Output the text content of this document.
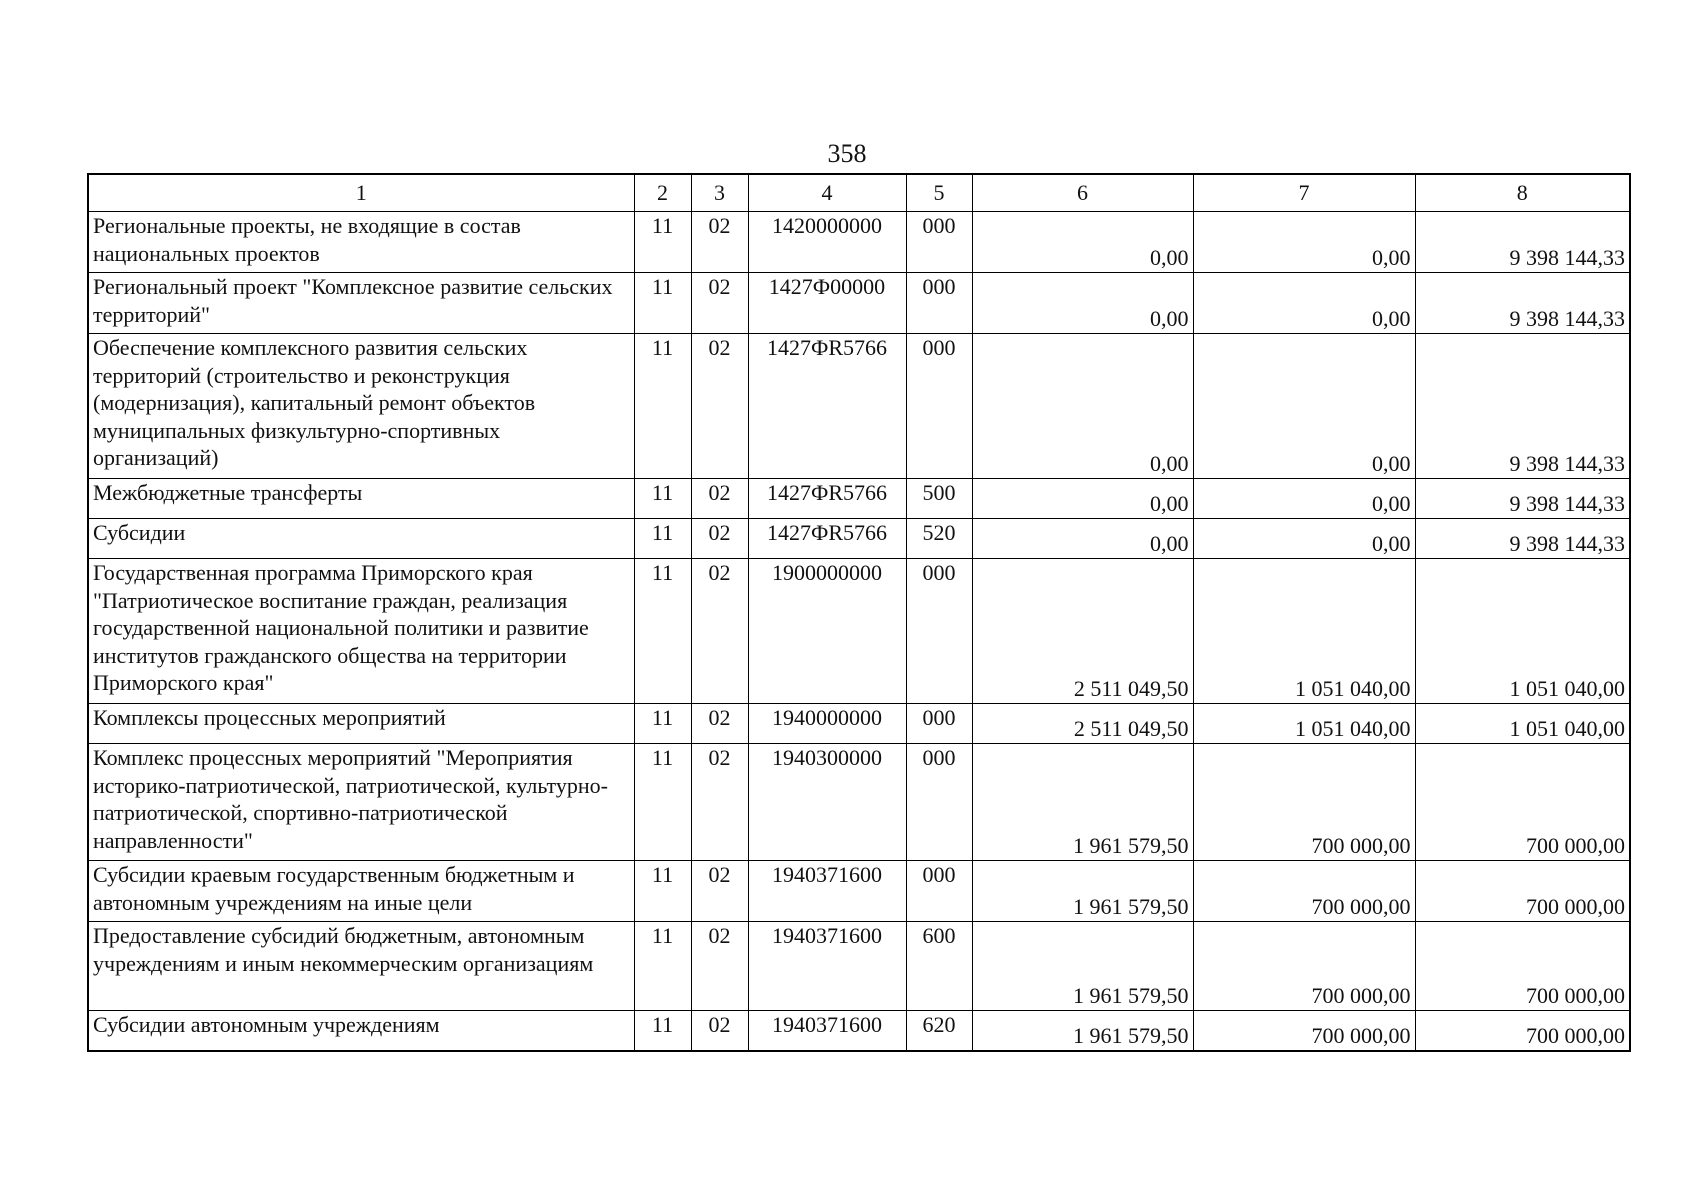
358
1	2	3	4	5	6	7	8
Региональные проекты, не входящие в состав национальных проектов	11	02	1420000000	000	0,00	0,00	9 398 144,33
Региональный проект "Комплексное развитие сельских территорий"	11	02	1427Ф00000	000	0,00	0,00	9 398 144,33
Обеспечение комплексного развития сельских территорий (строительство и реконструкция (модернизация), капитальный ремонт объектов муниципальных физкультурно-спортивных организаций)	11	02	1427ФR5766	000	0,00	0,00	9 398 144,33
Межбюджетные трансферты	11	02	1427ФR5766	500	0,00	0,00	9 398 144,33
Субсидии	11	02	1427ФR5766	520	0,00	0,00	9 398 144,33
Государственная программа Приморского края "Патриотическое воспитание граждан, реализация государственной национальной политики и развитие институтов гражданского общества на территории Приморского края"	11	02	1900000000	000	2 511 049,50	1 051 040,00	1 051 040,00
Комплексы процессных мероприятий	11	02	1940000000	000	2 511 049,50	1 051 040,00	1 051 040,00
Комплекс процессных мероприятий "Мероприятия историко-патриотической, патриотической, культурно-патриотической, спортивно-патриотической направленности"	11	02	1940300000	000	1 961 579,50	700 000,00	700 000,00
Субсидии краевым государственным бюджетным и автономным учреждениям на иные цели	11	02	1940371600	000	1 961 579,50	700 000,00	700 000,00
Предоставление субсидий бюджетным, автономным учреждениям и иным некоммерческим организациям	11	02	1940371600	600	1 961 579,50	700 000,00	700 000,00
Субсидии автономным учреждениям	11	02	1940371600	620	1 961 579,50	700 000,00	700 000,00
